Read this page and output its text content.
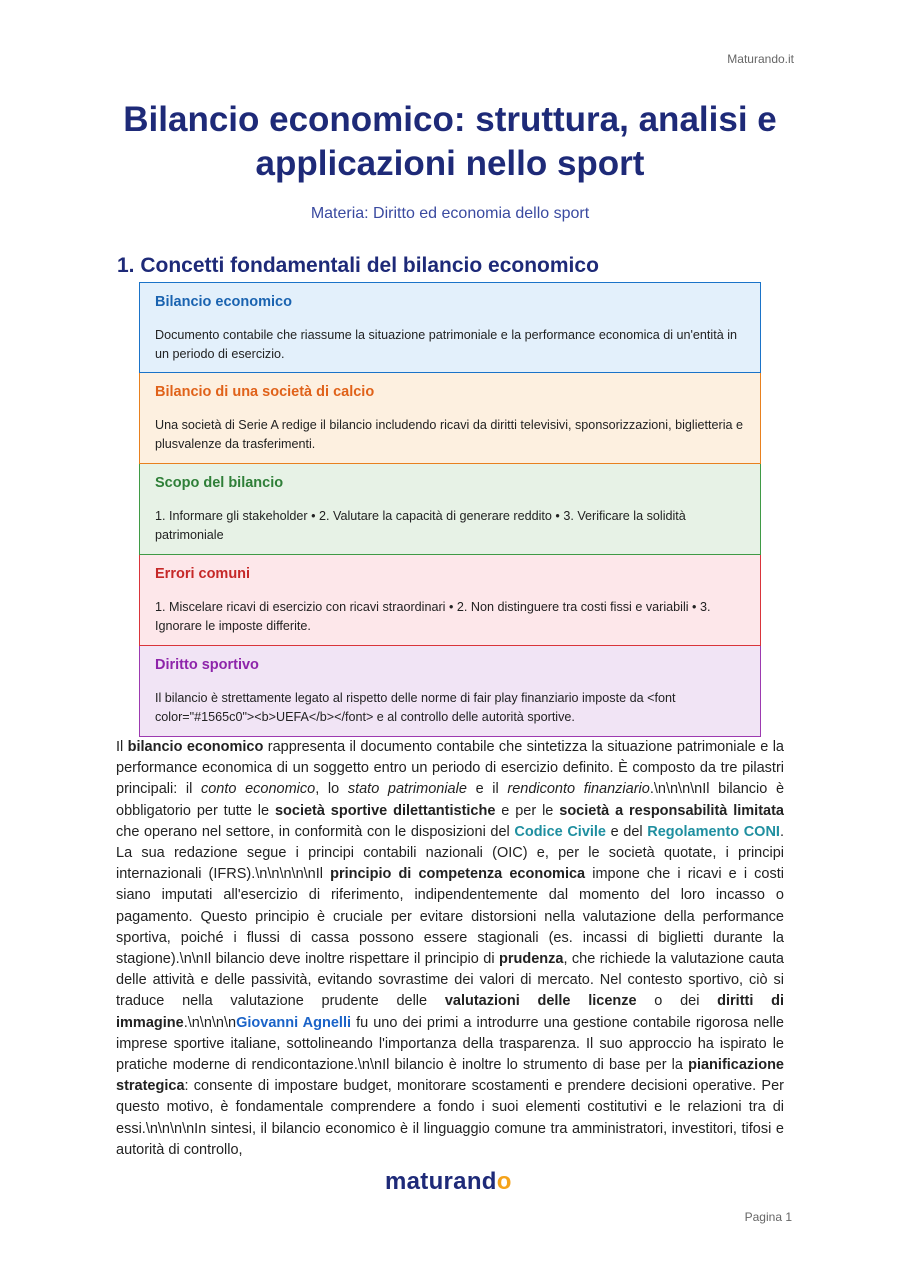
Maturando.it
Bilancio economico: struttura, analisi e applicazioni nello sport
Materia: Diritto ed economia dello sport
1. Concetti fondamentali del bilancio economico
Bilancio economico
Documento contabile che riassume la situazione patrimoniale e la performance economica di un'entità in un periodo di esercizio.
Bilancio di una società di calcio
Una società di Serie A redige il bilancio includendo ricavi da diritti televisivi, sponsorizzazioni, biglietteria e plusvalenze da trasferimenti.
Scopo del bilancio
1. Informare gli stakeholder • 2. Valutare la capacità di generare reddito • 3. Verificare la solidità patrimoniale
Errori comuni
1. Miscelare ricavi di esercizio con ricavi straordinari • 2. Non distinguere tra costi fissi e variabili • 3. Ignorare le imposte differite.
Diritto sportivo
Il bilancio è strettamente legato al rispetto delle norme di fair play finanziario imposte da <font color="#1565c0"><b>UEFA</b></font> e al controllo delle autorità sportive.

Il bilancio economico rappresenta il documento contabile che sintetizza la situazione patrimoniale e la performance economica di un soggetto entro un periodo di esercizio definito. È composto da tre pilastri principali: il conto economico, lo stato patrimoniale e il rendiconto finanziario.\n\n\n\nIl bilancio è obbligatorio per tutte le società sportive dilettantistiche e per le società a responsabilità limitata che operano nel settore, in conformità con le disposizioni del Codice Civile e del Regolamento CONI. La sua redazione segue i principi contabili nazionali (OIC) e, per le società quotate, i principi internazionali (IFRS).\n\n\n\n\nIl principio di competenza economica impone che i ricavi e i costi siano imputati all'esercizio di riferimento, indipendentemente dal momento del loro incasso o pagamento. Questo principio è cruciale per evitare distorsioni nella valutazione della performance sportiva, poiché i flussi di cassa possono essere stagionali (es. incassi di biglietti durante la stagione).\n\nIl bilancio deve inoltre rispettare il principio di prudenza, che richiede la valutazione cauta delle attività e delle passività, evitando sovrastime dei valori di mercato. Nel contesto sportivo, ciò si traduce nella valutazione prudente delle valutazioni delle licenze o dei diritti di immagine.\n\n\n\nGiovanni Agnelli fu uno dei primi a introdurre una gestione contabile rigorosa nelle imprese sportive italiane, sottolineando l'importanza della trasparenza. Il suo approccio ha ispirato le pratiche moderne di rendicontazione.\n\nIl bilancio è inoltre lo strumento di base per la pianificazione strategica: consente di impostare budget, monitorare scostamenti e prendere decisioni operative. Per questo motivo, è fondamentale comprendere a fondo i suoi elementi costitutivi e le relazioni tra di essi.\n\n\n\nIn sintesi, il bilancio economico è il linguaggio comune tra amministratori, investitori, tifosi e autorità di controllo,

maturando
Pagina 1
